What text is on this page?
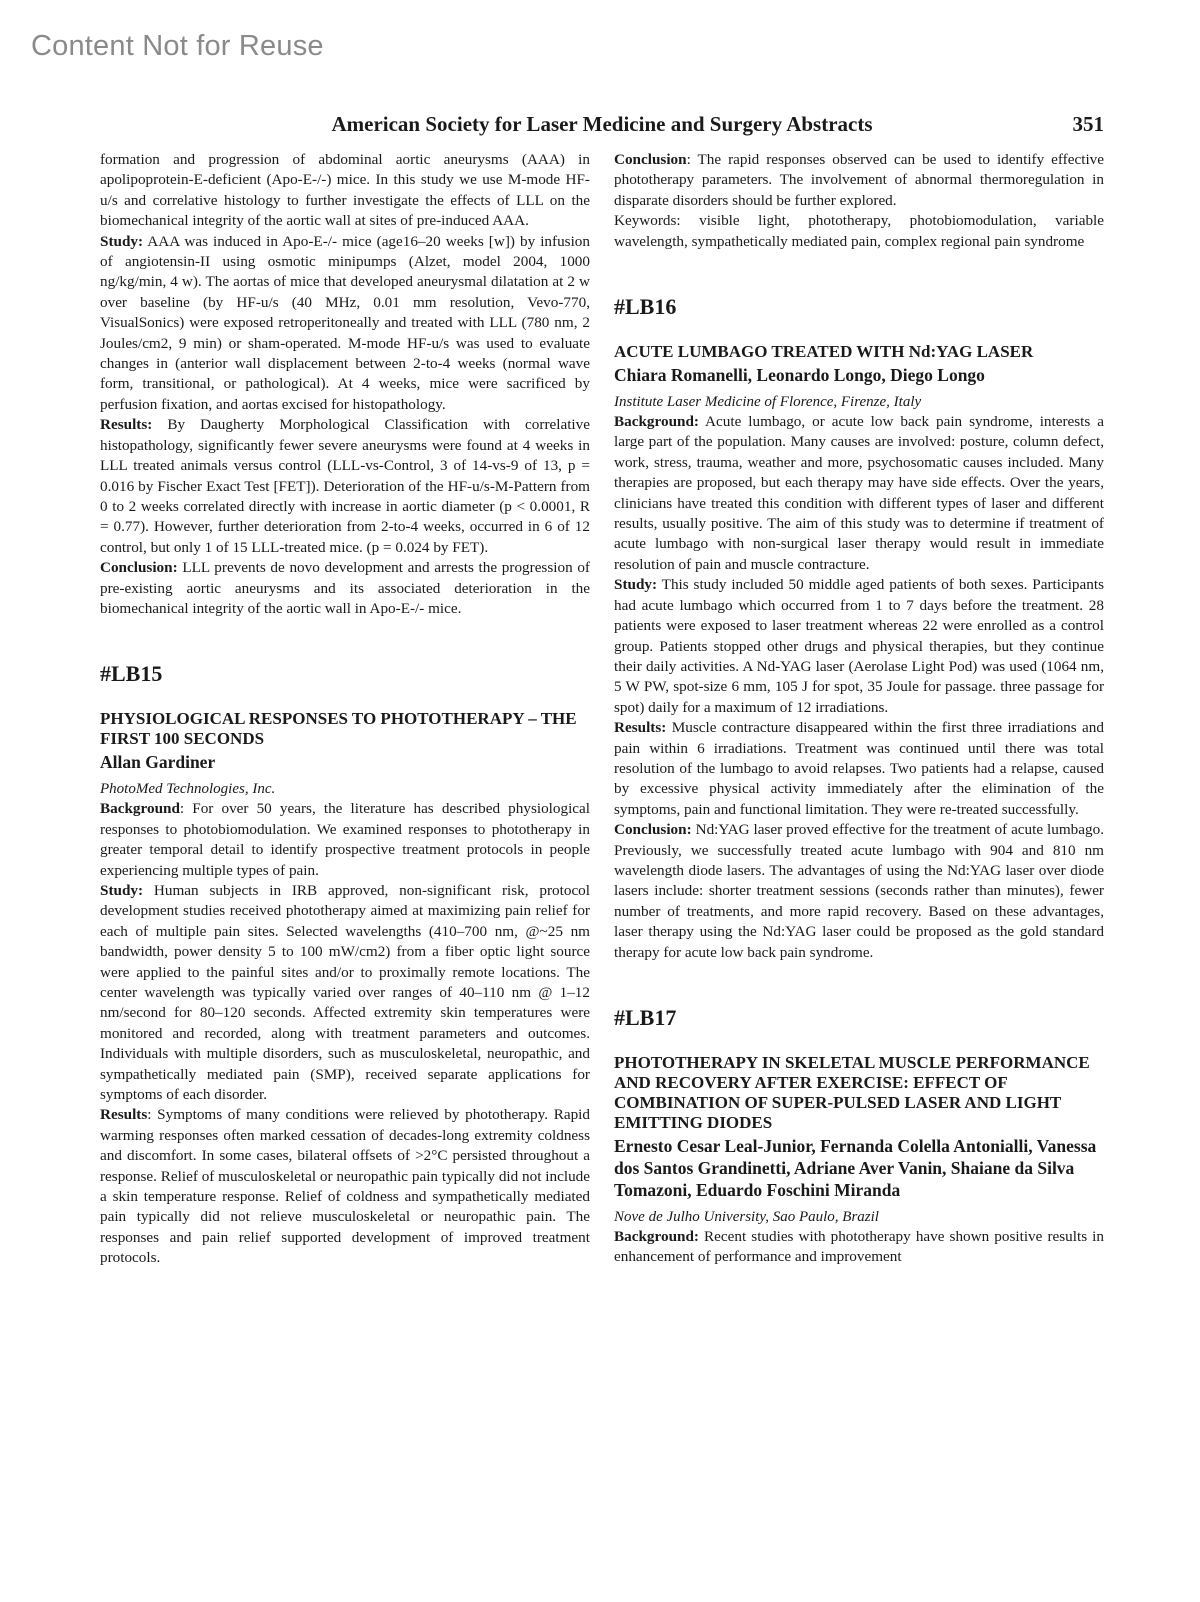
Content Not for Reuse
American Society for Laser Medicine and Surgery Abstracts	351

formation and progression of abdominal aortic aneurysms (AAA) in apolipoprotein-E-deficient (Apo-E-/-) mice. In this study we use M-mode HF-u/s and correlative histology to further investigate the effects of LLL on the biomechanical integrity of the aortic wall at sites of pre-induced AAA.

Study: AAA was induced in Apo-E-/- mice (age16–20 weeks [w]) by infusion of angiotensin-II using osmotic minipumps (Alzet, model 2004, 1000 ng/kg/min, 4 w). The aortas of mice that developed aneurysmal dilatation at 2 w over baseline (by HF-u/s (40 MHz, 0.01 mm resolution, Vevo-770, VisualSonics) were exposed retroperitoneally and treated with LLL (780 nm, 2 Joules/cm2, 9 min) or sham-operated. M-mode HF-u/s was used to evaluate changes in (anterior wall displacement between 2-to-4 weeks (normal wave form, transitional, or pathological). At 4 weeks, mice were sacrificed by perfusion fixation, and aortas excised for histopathology.

Results: By Daugherty Morphological Classification with correlative histopathology, significantly fewer severe aneurysms were found at 4 weeks in LLL treated animals versus control (LLL-vs-Control, 3 of 14-vs-9 of 13, p = 0.016 by Fischer Exact Test [FET]). Deterioration of the HF-u/s-M-Pattern from 0 to 2 weeks correlated directly with increase in aortic diameter (p < 0.0001, R = 0.77). However, further deterioration from 2-to-4 weeks, occurred in 6 of 12 control, but only 1 of 15 LLL-treated mice. (p = 0.024 by FET).

Conclusion: LLL prevents de novo development and arrests the progression of pre-existing aortic aneurysms and its associated deterioration in the biomechanical integrity of the aortic wall in Apo-E-/- mice.

#LB15
PHYSIOLOGICAL RESPONSES TO PHOTOTHERAPY – THE FIRST 100 SECONDS
Allan Gardiner
PhotoMed Technologies, Inc.

Background: For over 50 years, the literature has described physiological responses to photobiomodulation. We examined responses to phototherapy in greater temporal detail to identify prospective treatment protocols in people experiencing multiple types of pain.

Study: Human subjects in IRB approved, non-significant risk, protocol development studies received phototherapy aimed at maximizing pain relief for each of multiple pain sites. Selected wavelengths (410–700 nm, @~25 nm bandwidth, power density 5 to 100 mW/cm2) from a fiber optic light source were applied to the painful sites and/or to proximally remote locations. The center wavelength was typically varied over ranges of 40–110 nm @ 1–12 nm/second for 80–120 seconds. Affected extremity skin temperatures were monitored and recorded, along with treatment parameters and outcomes. Individuals with multiple disorders, such as musculoskeletal, neuropathic, and sympathetically mediated pain (SMP), received separate applications for symptoms of each disorder.

Results: Symptoms of many conditions were relieved by phototherapy. Rapid warming responses often marked cessation of decades-long extremity coldness and discomfort. In some cases, bilateral offsets of >2°C persisted throughout a response. Relief of musculoskeletal or neuropathic pain typically did not include a skin temperature response. Relief of coldness and sympathetically mediated pain typically did not relieve musculoskeletal or neuropathic pain. The responses and pain relief supported development of improved treatment protocols.

Conclusion: The rapid responses observed can be used to identify effective phototherapy parameters. The involvement of abnormal thermoregulation in disparate disorders should be further explored.

Keywords: visible light, phototherapy, photobiomodulation, variable wavelength, sympathetically mediated pain, complex regional pain syndrome

#LB16
ACUTE LUMBAGO TREATED WITH Nd:YAG LASER
Chiara Romanelli, Leonardo Longo, Diego Longo
Institute Laser Medicine of Florence, Firenze, Italy

Background: Acute lumbago, or acute low back pain syndrome, interests a large part of the population. Many causes are involved: posture, column defect, work, stress, trauma, weather and more, psychosomatic causes included. Many therapies are proposed, but each therapy may have side effects. Over the years, clinicians have treated this condition with different types of laser and different results, usually positive. The aim of this study was to determine if treatment of acute lumbago with non-surgical laser therapy would result in immediate resolution of pain and muscle contracture.

Study: This study included 50 middle aged patients of both sexes. Participants had acute lumbago which occurred from 1 to 7 days before the treatment. 28 patients were exposed to laser treatment whereas 22 were enrolled as a control group. Patients stopped other drugs and physical therapies, but they continue their daily activities. A Nd-YAG laser (Aerolase Light Pod) was used (1064 nm, 5 W PW, spot-size 6 mm, 105 J for spot, 35 Joule for passage. three passage for spot) daily for a maximum of 12 irradiations.

Results: Muscle contracture disappeared within the first three irradiations and pain within 6 irradiations. Treatment was continued until there was total resolution of the lumbago to avoid relapses. Two patients had a relapse, caused by excessive physical activity immediately after the elimination of the symptoms, pain and functional limitation. They were re-treated successfully.

Conclusion: Nd:YAG laser proved effective for the treatment of acute lumbago. Previously, we successfully treated acute lumbago with 904 and 810 nm wavelength diode lasers. The advantages of using the Nd:YAG laser over diode lasers include: shorter treatment sessions (seconds rather than minutes), fewer number of treatments, and more rapid recovery. Based on these advantages, laser therapy using the Nd:YAG laser could be proposed as the gold standard therapy for acute low back pain syndrome.

#LB17
PHOTOTHERAPY IN SKELETAL MUSCLE PERFORMANCE AND RECOVERY AFTER EXERCISE: EFFECT OF COMBINATION OF SUPER-PULSED LASER AND LIGHT EMITTING DIODES
Ernesto Cesar Leal-Junior, Fernanda Colella Antonialli, Vanessa dos Santos Grandinetti, Adriane Aver Vanin, Shaiane da Silva Tomazoni, Eduardo Foschini Miranda
Nove de Julho University, Sao Paulo, Brazil

Background: Recent studies with phototherapy have shown positive results in enhancement of performance and improvement
